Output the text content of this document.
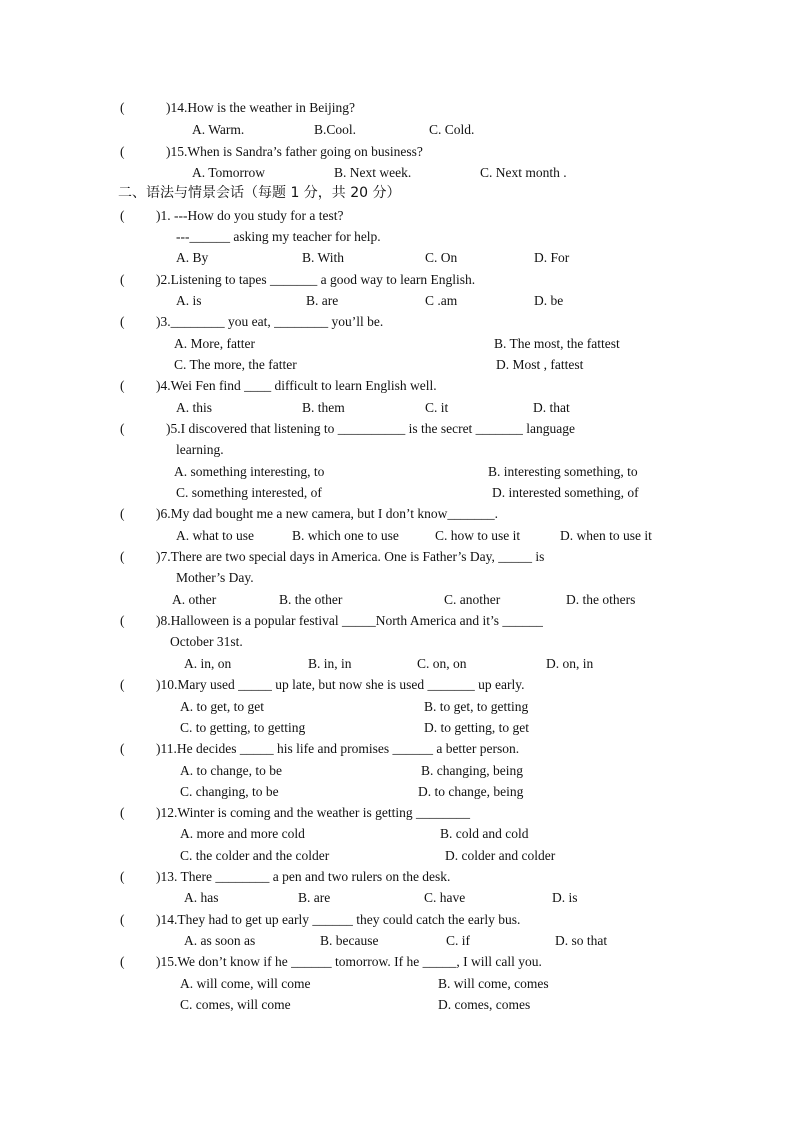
(	)14.How is the weather in Beijing?
A. Warm.	B.Cool.	C. Cold.
(	)15.When is Sandra’s father going on business?
A. Tomorrow	B. Next week.	C. Next month .
二、语法与情景会话（每题 1 分，共 20 分）
( )1. ---How do you study for a test?
---______ asking my teacher for help.
A. By	B. With	C. On	D. For
( )2.Listening to tapes _______ a good way to learn English.
A. is	B. are	C .am	D. be
( )3.________ you eat, ________ you’ll be.
A. More, fatter	B. The most, the fattest
C. The more, the fatter	D. Most , fattest
( )4.Wei Fen find ____ difficult to learn English well.
A. this	B. them	C. it	D. that
(	)5.I discovered that listening to __________ is the secret _______ language
learning.
A. something interesting, to	B. interesting something, to
C. something interested, of	D. interested something, of
( )6.My dad bought me a new camera, but I don’t know_______.
A. what to use	B. which one to use	C. how to use it	D. when to use it
( )7.There are two special days in America. One is Father’s Day, _____ is
Mother’s Day.
A. other	B. the other	C. another	D. the others
( )8.Halloween is a popular festival _____North America and it’s ______
October 31st.
A. in, on	B. in, in	C. on, on	D. on, in
( )10.Mary used _____ up late, but now she is used _______ up early.
A. to get, to get	B. to get, to getting
C. to getting, to getting	D. to getting, to get
( )11.He decides _____ his life and promises ______ a better person.
A. to change, to be	B. changing, being
C. changing, to be	D. to change, being
( )12.Winter is coming and the weather is getting ________
A. more and more cold	B. cold and cold
C. the colder and the colder	D. colder and colder
( )13. There ________ a pen and two rulers on the desk.
A. has	B. are	C. have	D. is
( )14.They had to get up early ______ they could catch the early bus.
A. as soon as	B. because	C. if	D. so that
( )15.We don’t know if he ______ tomorrow. If he _____, I will call you.
A. will come, will come	B. will come, comes
C. comes, will come	D. comes, comes
